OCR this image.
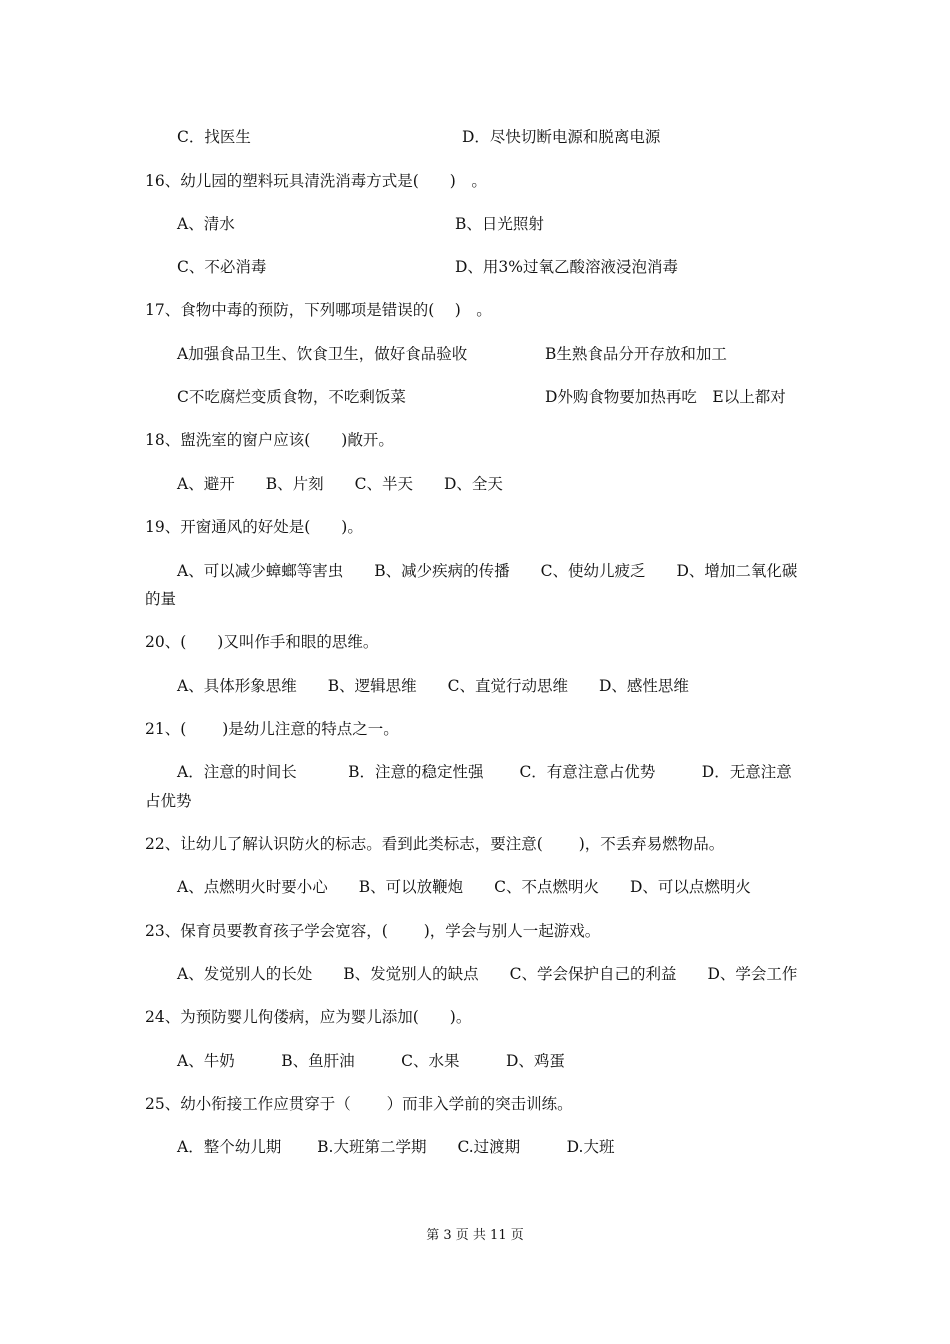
C．找医生	D．尽快切断电源和脱离电源
16、幼儿园的塑料玩具清洗消毒方式是(　　)　。
A、清水	B、日光照射
C、不必消毒	D、用3%过氧乙酸溶液浸泡消毒
17、食物中毒的预防，下列哪项是错误的(　 )　。
A加强食品卫生、饮食卫生，做好食品验收	B生熟食品分开存放和加工
C不吃腐烂变质食物，不吃剩饭菜	D外购食物要加热再吃　E以上都对
18、盥洗室的窗户应该(　　)敞开。
A、避开　　B、片刻　　C、半天　　D、全天
19、开窗通风的好处是(　　)。
A、可以减少蟑螂等害虫　　B、减少疾病的传播　　C、使幼儿疲乏　　D、增加二氧化碳
的量
20、(　　)又叫作手和眼的思维。
A、具体形象思维　　B、逻辑思维　　C、直觉行动思维　　D、感性思维
21、(　　 )是幼儿注意的特点之一。
A．注意的时间长　　　 B．注意的稳定性强　　 C．有意注意占优势　　　D．无意注意
占优势
22、让幼儿了解认识防火的标志。看到此类标志，要注意(　　 )，不丢弃易燃物品。
A、点燃明火时要小心　　B、可以放鞭炮　　C、不点燃明火　　D、可以点燃明火
23、保育员要教育孩子学会宽容，(　　 )，学会与别人一起游戏。
A、发觉别人的长处　　B、发觉别人的缺点　　C、学会保护自己的利益　　D、学会工作
24、为预防婴儿佝偻病，应为婴儿添加(　　)。
A、牛奶　　　B、鱼肝油　　　C、水果　　　D、鸡蛋
25、幼小衔接工作应贯穿于（　　 ）而非入学前的突击训练。
A．整个幼儿期　　 B.大班第二学期　　C.过渡期　　　D.大班
第 3 页 共 11 页
